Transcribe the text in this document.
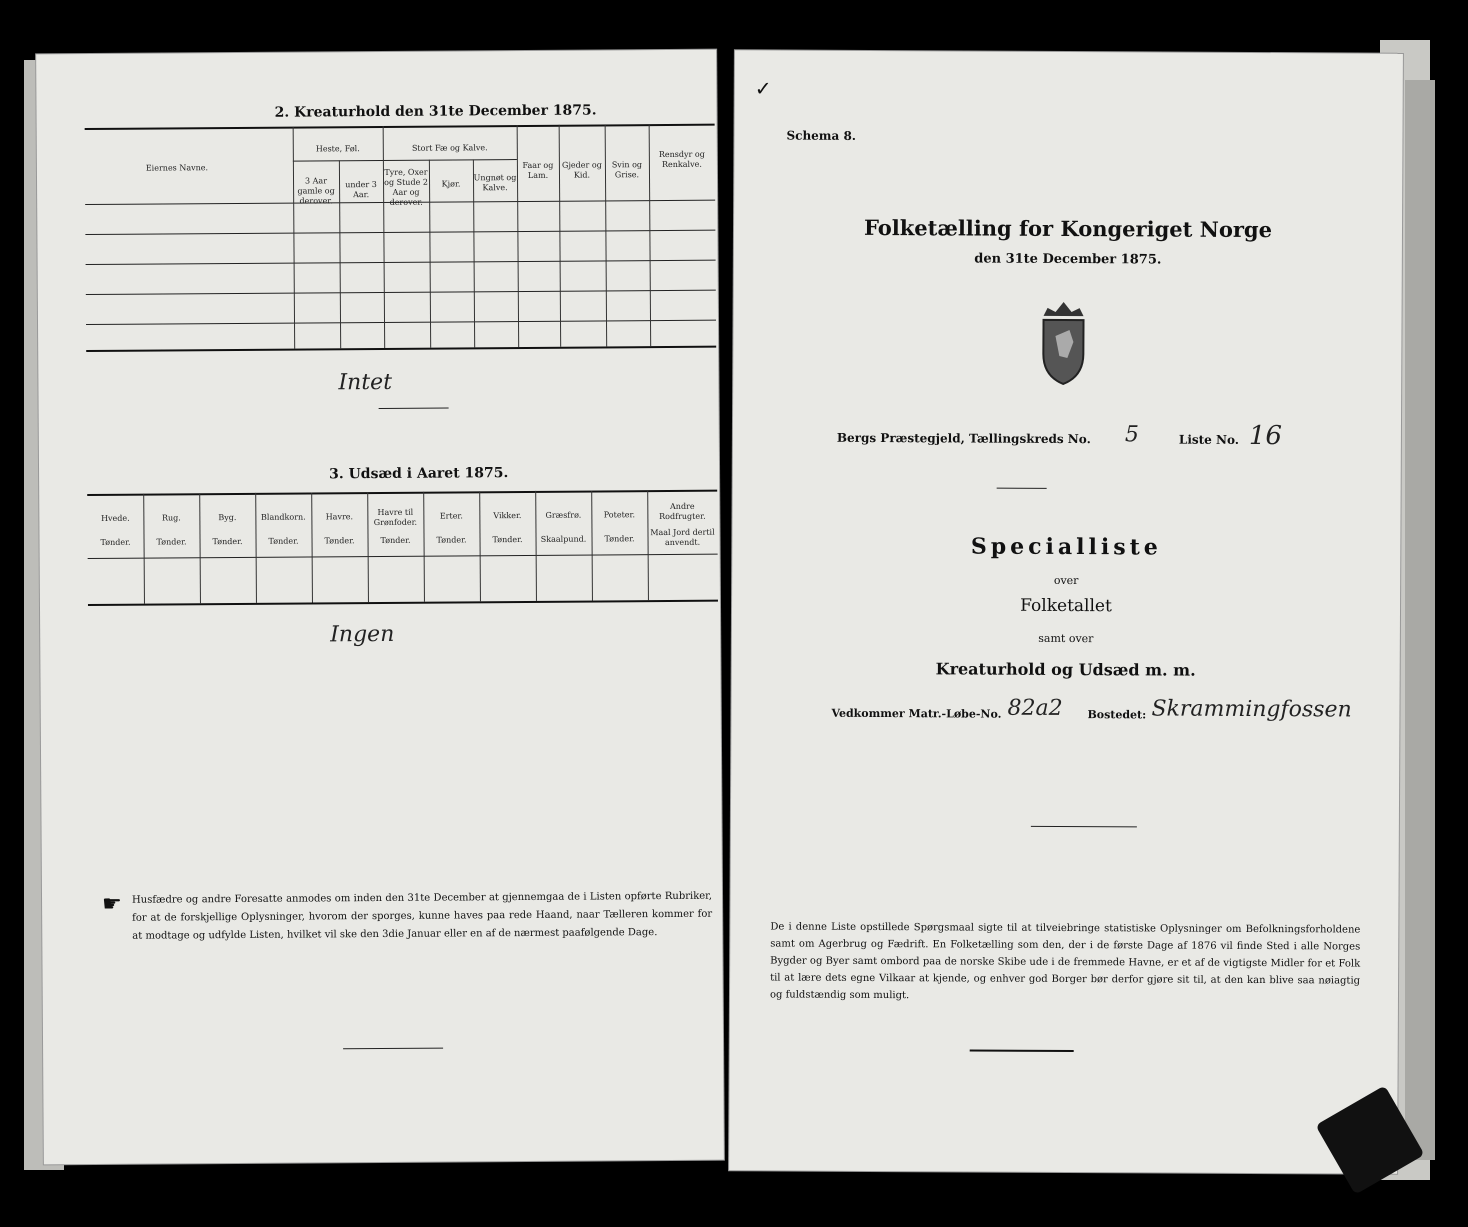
2. Kreaturhold den 31te December 1875.
Eiernes Navne.
Heste, Føl.
3 Aar gamle og derover.
under 3 Aar.
Stort Fæ og Kalve.
Tyre, Oxer og Stude 2 Aar og derover.
Kjør.
Ungnøt og Kalve.
Faar og Lam.
Gjeder og Kid.
Svin og Grise.
Rensdyr og Renkalve.
Intet
3. Udsæd i Aaret 1875.
Hvede.
Tønder.
Rug.
Tønder.
Byg.
Tønder.
Blandkorn.
Tønder.
Havre.
Tønder.
Havre til Grønfoder.
Tønder.
Erter.
Tønder.
Vikker.
Tønder.
Græsfrø.
Skaalpund.
Poteter.
Tønder.
Andre Rodfrugter.
Maal Jord dertil anvendt.
Ingen
☛ Husfædre og andre Foresatte anmodes om inden den 31te December at gjennemgaa de i Listen opførte Rubriker, for at de forskjellige Oplysninger, hvorom der sporges, kunne haves paa rede Haand, naar Tælleren kommer for at modtage og udfylde Listen, hvilket vil ske den 3die Januar eller en af de nærmest paafølgende Dage.
✓
Schema 8.
Folketælling for Kongeriget Norge
den 31te December 1875.
Bergs Præstegjeld, Tællingskreds No. 5	Liste No. 16
Specialliste
over
Folketallet
samt over
Kreaturhold og Udsæd m. m.
Vedkommer Matr.-Løbe-No. 82a2 Bostedet: Skrammingfossen
De i denne Liste opstillede Spørgsmaal sigte til at tilveiebringe statistiske Oplysninger om Befolkningsforholdene samt om Agerbrug og Fædrift. En Folketælling som den, der i de første Dage af 1876 vil finde Sted i alle Norges Bygder og Byer samt ombord paa de norske Skibe ude i de fremmede Havne, er et af de vigtigste Midler for et Folk til at lære dets egne Vilkaar at kjende, og enhver god Borger bør derfor gjøre sit til, at den kan blive saa nøiagtig og fuldstændig som muligt.
